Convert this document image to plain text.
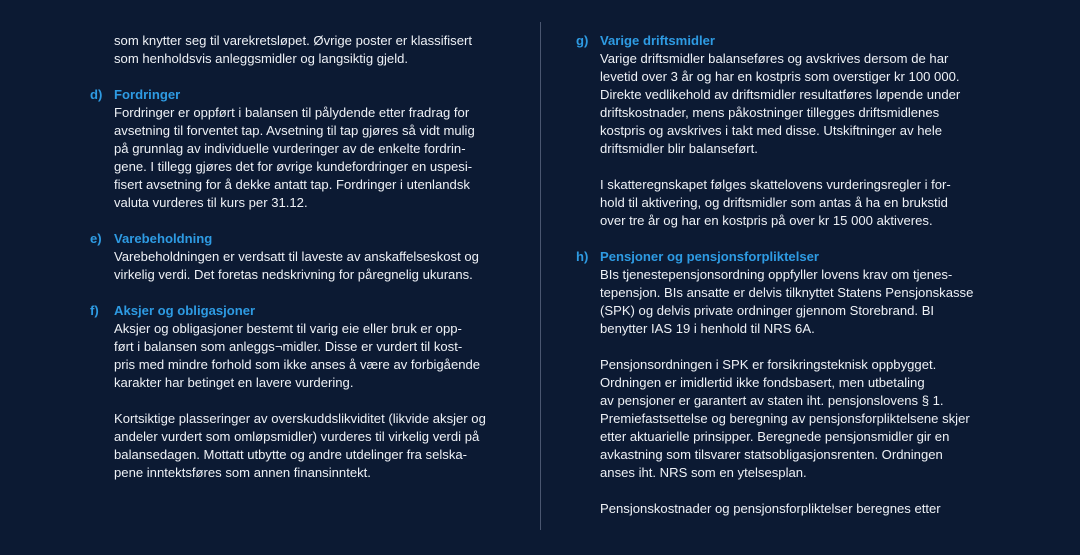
som knytter seg til varekretsløpet. Øvrige poster er klassifisert
som henholdsvis anleggsmidler og langsiktig gjeld.

d) Fordringer

Fordringer er oppført i balansen til pålydende etter fradrag for
avsetning til forventet tap. Avsetning til tap gjøres så vidt mulig
på grunnlag av individuelle vurderinger av de enkelte fordrin-
gene. I tillegg gjøres det for øvrige kundefordringer en uspesi-
fisert avsetning for å dekke antatt tap. Fordringer i utenlandsk
valuta vurderes til kurs per 31.12.

e) Varebeholdning

Varebeholdningen er verdsatt til laveste av anskaffelseskost og
virkelig verdi. Det foretas nedskrivning for påregnelig ukurans.

f)	Aksjer og obligasjoner

Aksjer og obligasjoner bestemt til varig eie eller bruk er opp-
ført i balansen som anleggs¬midler. Disse er vurdert til kost-
pris med mindre forhold som ikke anses å være av forbigående
karakter har betinget en lavere vurdering.

Kortsiktige plasseringer av overskuddslikviditet (likvide aksjer og
andeler vurdert som omløpsmidler) vurderes til virkelig verdi på
balansedagen. Mottatt utbytte og andre utdelinger fra selska-
pene inntektsføres som annen finansinntekt.

g) Varige driftsmidler

Varige driftsmidler balanseføres og avskrives dersom de har
levetid over 3 år og har en kostpris som overstiger kr 100 000.
Direkte vedlikehold av driftsmidler resultatføres løpende under
driftskostnader, mens påkostninger tillegges driftsmidlenes
kostpris og avskrives i takt med disse. Utskiftninger av hele
driftsmidler blir balanseført.

I skatteregnskapet følges skattelovens vurderingsregler i for-
hold til aktivering, og driftsmidler som antas å ha en brukstid
over tre år og har en kostpris på over kr 15 000 aktiveres.

h) Pensjoner og pensjonsforpliktelser

BIs tjenestepensjonsordning oppfyller lovens krav om tjenes-
tepensjon. BIs ansatte er delvis tilknyttet Statens Pensjonskasse
(SPK) og delvis private ordninger gjennom Storebrand. BI
benytter IAS 19 i henhold til NRS 6A.

Pensjonsordningen i SPK er forsikringsteknisk oppbygget.
Ordningen er imidlertid ikke fondsbasert, men utbetaling
av pensjoner er garantert av staten iht. pensjonslovens § 1.
Premiefastsettelse og beregning av pensjonsforpliktelsene skjer
etter aktuarielle prinsipper. Beregnede pensjonsmidler gir en
avkastning som tilsvarer statsobligasjonsrenten. Ordningen
anses iht. NRS som en ytelsesplan.

Pensjonskostnader og pensjonsforpliktelser beregnes etter
